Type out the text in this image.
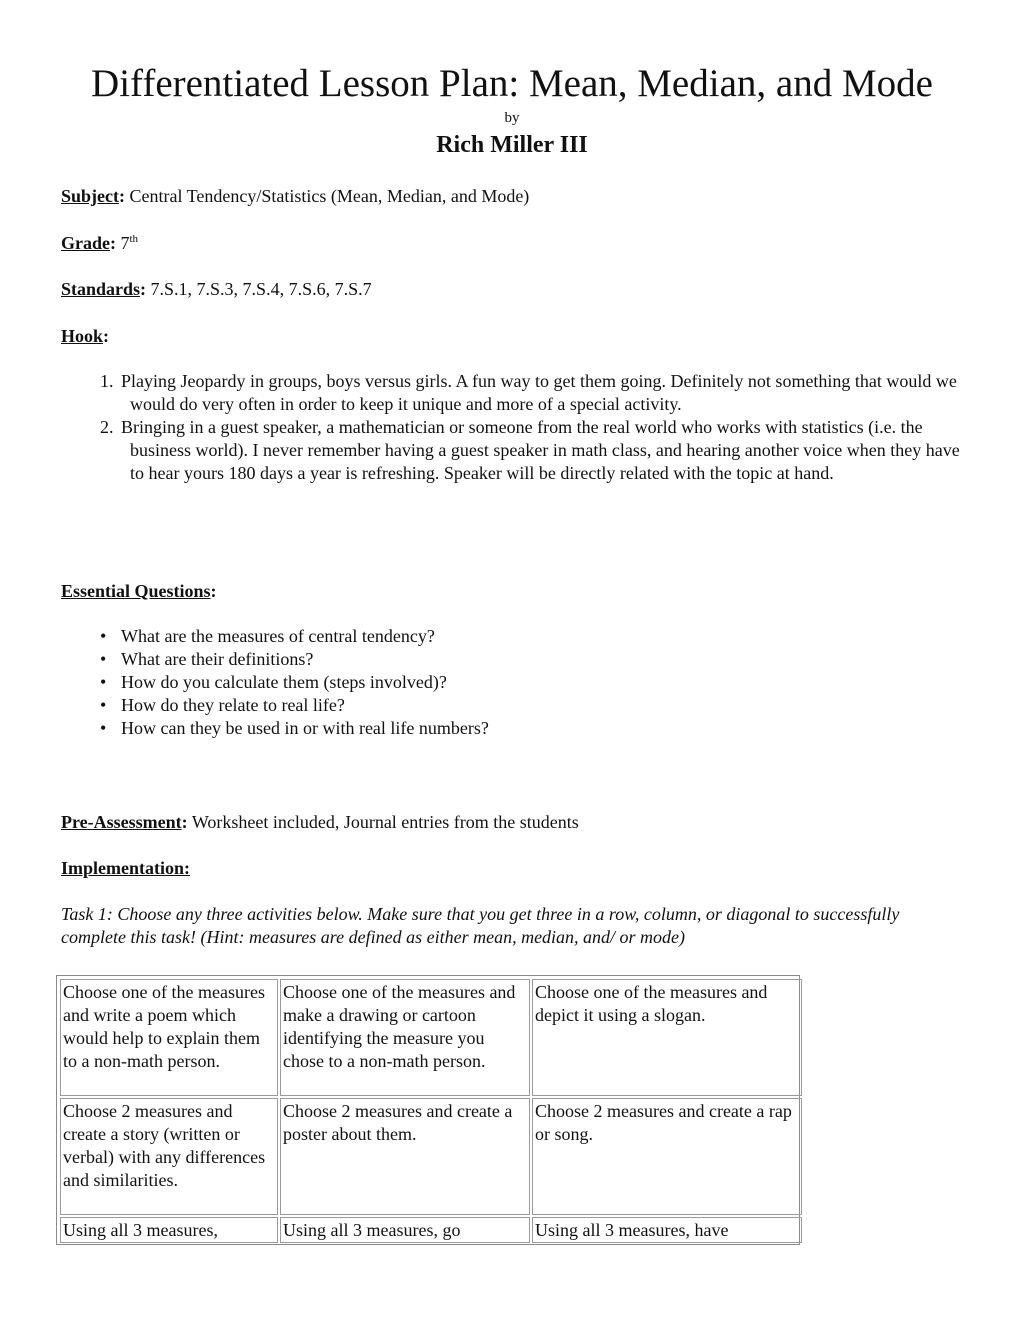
Differentiated Lesson Plan: Mean, Median, and Mode
by
Rich Miller III
Subject: Central Tendency/Statistics (Mean, Median, and Mode)
Grade: 7th
Standards: 7.S.1, 7.S.3, 7.S.4, 7.S.6, 7.S.7
Hook:
1. Playing Jeopardy in groups, boys versus girls. A fun way to get them going. Definitely not something that would we would do very often in order to keep it unique and more of a special activity.
2. Bringing in a guest speaker, a mathematician or someone from the real world who works with statistics (i.e. the business world). I never remember having a guest speaker in math class, and hearing another voice when they have to hear yours 180 days a year is refreshing. Speaker will be directly related with the topic at hand.
Essential Questions:
• What are the measures of central tendency?
• What are their definitions?
• How do you calculate them (steps involved)?
• How do they relate to real life?
• How can they be used in or with real life numbers?
Pre-Assessment: Worksheet included, Journal entries from the students
Implementation:
Task 1: Choose any three activities below. Make sure that you get three in a row, column, or diagonal to successfully complete this task! (Hint: measures are defined as either mean, median, and/ or mode)
Choose one of the measures and write a poem which would help to explain them to a non-math person.	Choose one of the measures and make a drawing or cartoon identifying the measure you chose to a non-math person.	Choose one of the measures and depict it using a slogan.
Choose 2 measures and create a story (written or verbal) with any differences and similarities.	Choose 2 measures and create a poster about them.	Choose 2 measures and create a rap or song.
Using all 3 measures,	Using all 3 measures, go	Using all 3 measures, have
